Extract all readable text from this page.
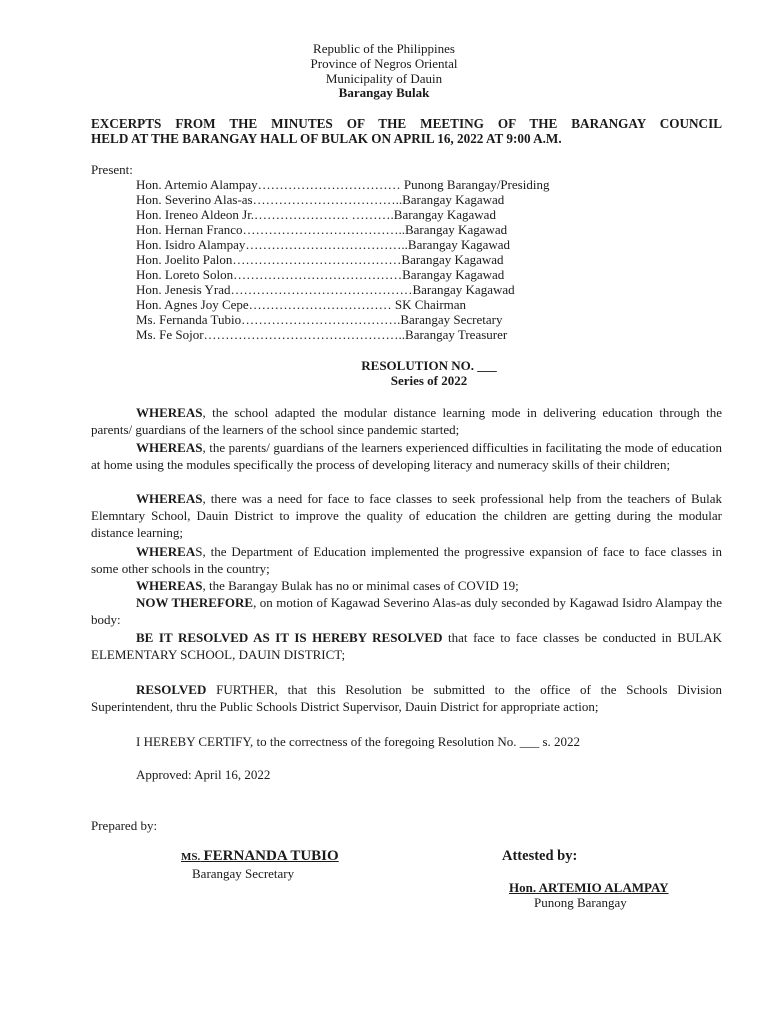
Republic of the Philippines
Province of Negros Oriental
Municipality of Dauin
Barangay Bulak
EXCERPTS FROM THE MINUTES OF THE MEETING OF THE BARANGAY COUNCIL
HELD AT THE BARANGAY HALL OF BULAK ON APRIL 16, 2022 AT 9:00 A.M.
Present:
Hon. Artemio Alampay…………………………… Punong Barangay/Presiding
Hon. Severino Alas-as……………………………..Barangay Kagawad
Hon. Ireneo Aldeon Jr.…………………. ……….Barangay Kagawad
Hon. Hernan Franco………………………………..Barangay Kagawad
Hon. Isidro Alampay………………………………..Barangay Kagawad
Hon. Joelito Palon…………………………………Barangay Kagawad
Hon. Loreto Solon…………………………………Barangay Kagawad
Hon. Jenesis Yrad……………………………………Barangay Kagawad
Hon. Agnes Joy Cepe…………………………… SK Chairman
Ms. Fernanda Tubio……………………………….Barangay Secretary
Ms. Fe Sojor………………………………………..Barangay Treasurer
RESOLUTION NO. ___
Series of 2022
WHEREAS, the school adapted the modular distance learning mode in delivering education through the parents/ guardians of the learners of the school since pandemic started;
WHEREAS, the parents/ guardians of the learners experienced difficulties in facilitating the mode of education at home using the modules specifically the process of developing literacy and numeracy skills of their children;
WHEREAS, there was a need for face to face classes to seek professional help from the teachers of Bulak Elemntary School, Dauin District to improve the quality of education the children are getting during the modular distance learning;
WHEREAS, the Department of Education implemented the progressive expansion of face to face classes in some other schools in the country;
WHEREAS, the Barangay Bulak has no or minimal cases of COVID 19;
NOW THEREFORE, on motion of Kagawad Severino Alas-as duly seconded by Kagawad Isidro Alampay the body:
BE IT RESOLVED AS IT IS HEREBY RESOLVED that face to face classes be conducted in BULAK ELEMENTARY SCHOOL, DAUIN DISTRICT;
RESOLVED FURTHER, that this Resolution be submitted to the office of the Schools Division Superintendent, thru the Public Schools District Supervisor, Dauin District for appropriate action;
I HEREBY CERTIFY, to the correctness of the foregoing Resolution No. ___ s. 2022
Approved: April 16, 2022
Prepared by:
MS. FERNANDA TUBIO
Barangay Secretary
Attested by:
Hon. ARTEMIO ALAMPAY
Punong Barangay
